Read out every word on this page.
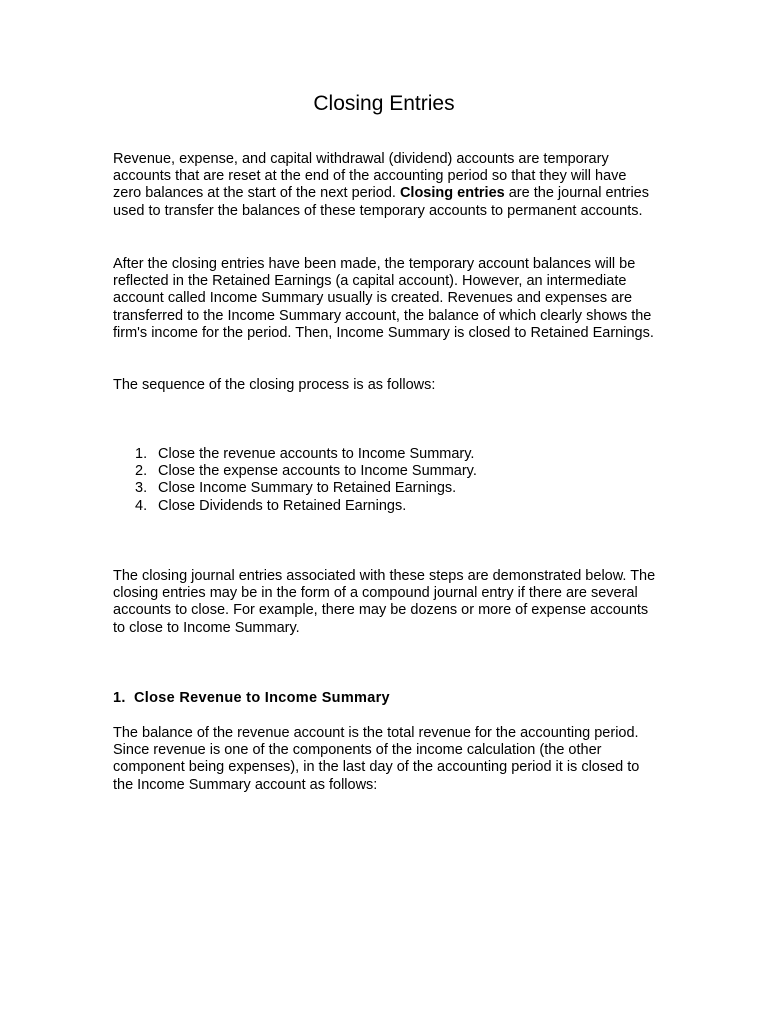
Closing Entries

Revenue, expense, and capital withdrawal (dividend) accounts are temporary accounts that are reset at the end of the accounting period so that they will have zero balances at the start of the next period. Closing entries are the journal entries used to transfer the balances of these temporary accounts to permanent accounts.

After the closing entries have been made, the temporary account balances will be reflected in the Retained Earnings (a capital account). However, an intermediate account called Income Summary usually is created. Revenues and expenses are transferred to the Income Summary account, the balance of which clearly shows the firm's income for the period. Then, Income Summary is closed to Retained Earnings.

The sequence of the closing process is as follows:

1. Close the revenue accounts to Income Summary.
2. Close the expense accounts to Income Summary.
3. Close Income Summary to Retained Earnings.
4. Close Dividends to Retained Earnings.

The closing journal entries associated with these steps are demonstrated below. The closing entries may be in the form of a compound journal entry if there are several accounts to close. For example, there may be dozens or more of expense accounts to close to Income Summary.

1. Close Revenue to Income Summary

The balance of the revenue account is the total revenue for the accounting period. Since revenue is one of the components of the income calculation (the other component being expenses), in the last day of the accounting period it is closed to the Income Summary account as follows:
